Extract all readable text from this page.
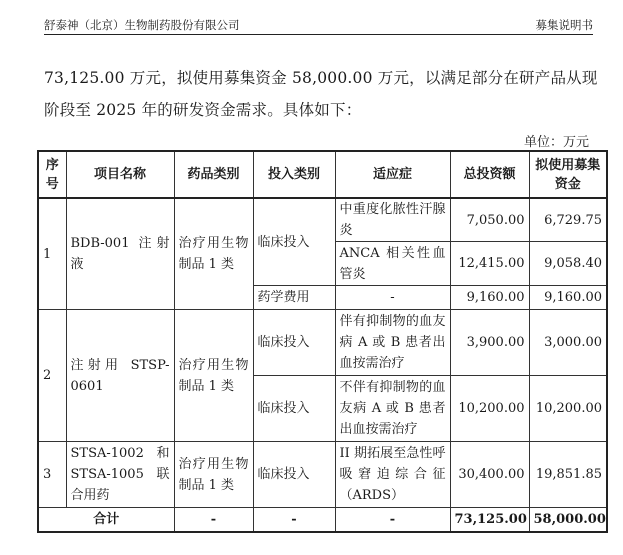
舒泰神（北京）生物制药股份有限公司	募集说明书
73,125.00 万元，拟使用募集资金 58,000.00 万元，以满足部分在研产品从现阶段至 2025 年的研发资金需求。具体如下：
单位：万元
序号	项目名称	药品类别	投入类别	适应症	总投资额	拟使用募集资金
1	BDB-001 注射液	治疗用生物制品 1 类	临床投入	中重度化脓性汗腺炎	7,050.00	6,729.75
				ANCA 相关性血管炎	12,415.00	9,058.40
			药学费用	-	9,160.00	9,160.00
2	注射用 STSP-0601	治疗用生物制品 1 类	临床投入	伴有抑制物的血友病 A 或 B 患者出血按需治疗	3,900.00	3,000.00
			临床投入	不伴有抑制物的血友病 A 或 B 患者出血按需治疗	10,200.00	10,200.00
3	STSA-1002 和 STSA-1005 联合用药	治疗用生物制品 1 类	临床投入	II 期拓展至急性呼吸窘迫综合征（ARDS）	30,400.00	19,851.85
合计		-	-	-	73,125.00	58,000.00
